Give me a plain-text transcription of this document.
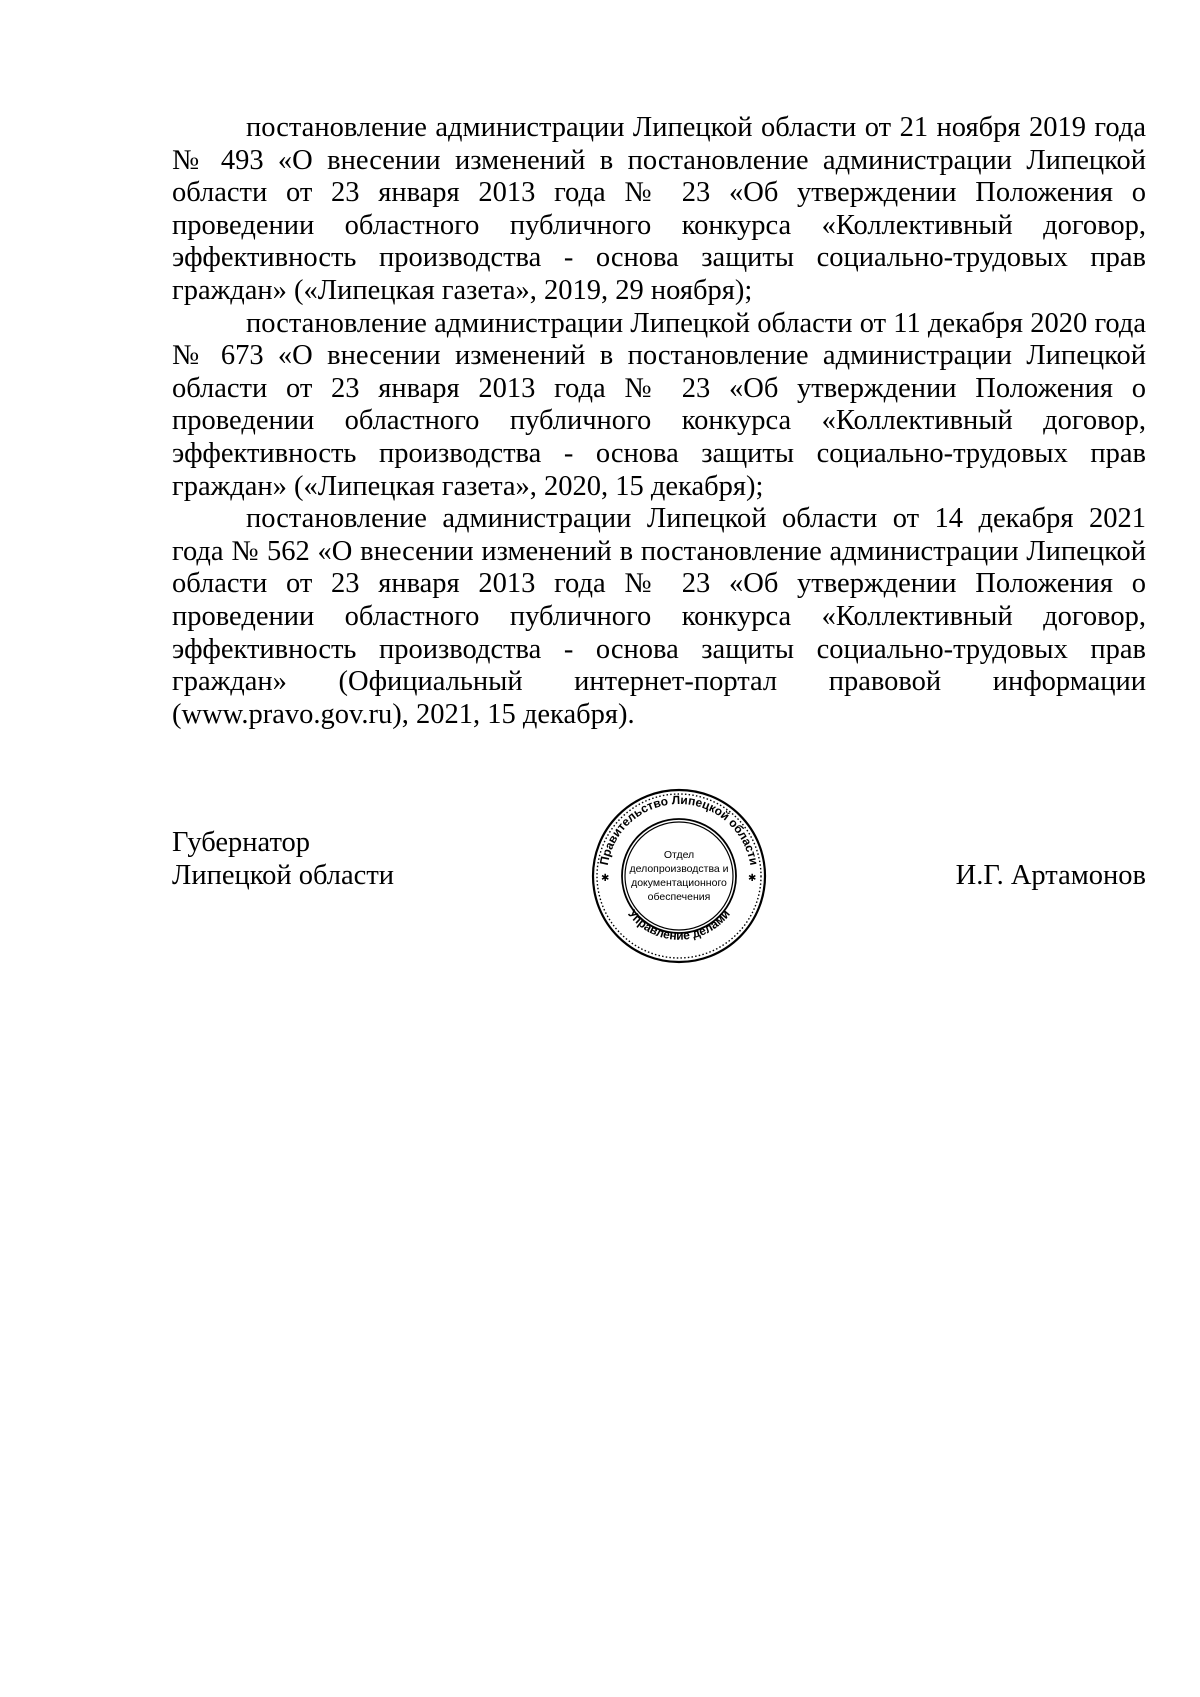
постановление администрации Липецкой области от 21 ноября 2019 года № 493 «О внесении изменений в постановление администрации Липецкой области от 23 января 2013 года № 23 «Об утверждении Положения о проведении областного публичного конкурса «Коллективный договор, эффективность производства - основа защиты социально-трудовых прав граждан» («Липецкая газета», 2019, 29 ноября);

постановление администрации Липецкой области от 11 декабря 2020 года № 673 «О внесении изменений в постановление администрации Липецкой области от 23 января 2013 года № 23 «Об утверждении Положения о проведении областного публичного конкурса «Коллективный договор, эффективность производства - основа защиты социально-трудовых прав граждан» («Липецкая газета», 2020, 15 декабря);

постановление администрации Липецкой области от 14 декабря 2021 года № 562 «О внесении изменений в постановление администрации Липецкой области от 23 января 2013 года № 23 «Об утверждении Положения о проведении областного публичного конкурса «Коллективный договор, эффективность производства - основа защиты социально-трудовых прав граждан» (Официальный интернет-портал правовой информации (www.pravo.gov.ru), 2021, 15 декабря).

Губернатор
Липецкой области	Правительство Липецкой области
Управление делами
✱	✱
Отдел
делопроизводства и
документационного
обеспечения
И.Г. Артамонов
